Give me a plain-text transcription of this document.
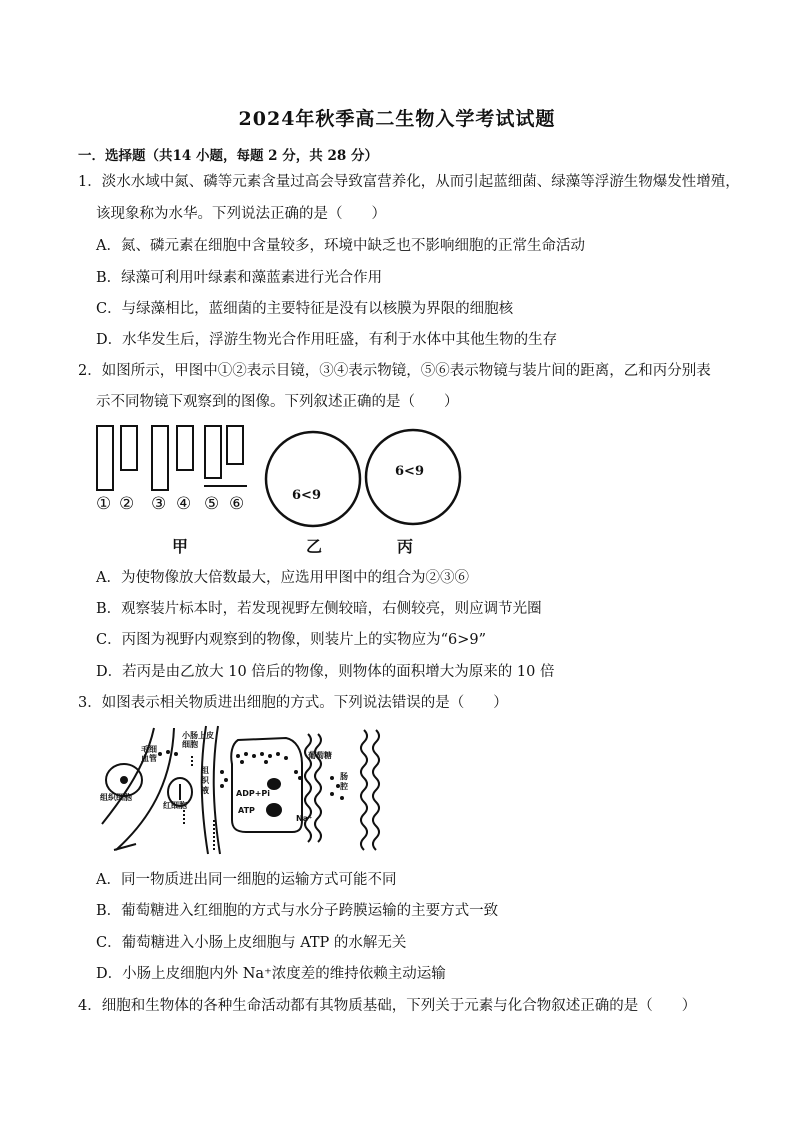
2024年秋季高二生物入学考试试题
一．选择题（共14 小题，每题 2 分，共 28 分）
1．淡水水域中氮、磷等元素含量过高会导致富营养化，从而引起蓝细菌、绿藻等浮游生物爆发性增殖，
该现象称为水华。下列说法正确的是（　　）
A．氮、磷元素在细胞中含量较多，环境中缺乏也不影响细胞的正常生命活动
B．绿藻可利用叶绿素和藻蓝素进行光合作用
C．与绿藻相比，蓝细菌的主要特征是没有以核膜为界限的细胞核
D．水华发生后，浮游生物光合作用旺盛，有利于水体中其他生物的生存
2．如图所示，甲图中①②表示目镜，③④表示物镜，⑤⑥表示物镜与装片间的距离，乙和丙分别表
示不同物镜下观察到的图像。下列叙述正确的是（　　）
① ② ③ ④ ⑤ ⑥	6<9
6<9
甲	乙	丙
A．为使物像放大倍数最大，应选用甲图中的组合为②③⑥
B．观察装片标本时，若发现视野左侧较暗，右侧较亮，则应调节光圈
C．丙图为视野内观察到的物像，则装片上的实物应为“6>9”
D．若丙是由乙放大 10 倍后的物像，则物体的面积增大为原来的 10 倍
3．如图表示相关物质进出细胞的方式。下列说法错误的是（　　）
小肠上皮细胞
毛细血管
组织细胞
红细胞
组织液	ADP+Pi
ATP
葡萄糖
Na⁺
肠腔
A．同一物质进出同一细胞的运输方式可能不同
B．葡萄糖进入红细胞的方式与水分子跨膜运输的主要方式一致
C．葡萄糖进入小肠上皮细胞与 ATP 的水解无关
D．小肠上皮细胞内外 Na⁺浓度差的维持依赖主动运输
4．细胞和生物体的各种生命活动都有其物质基础，下列关于元素与化合物叙述正确的是（　　）
